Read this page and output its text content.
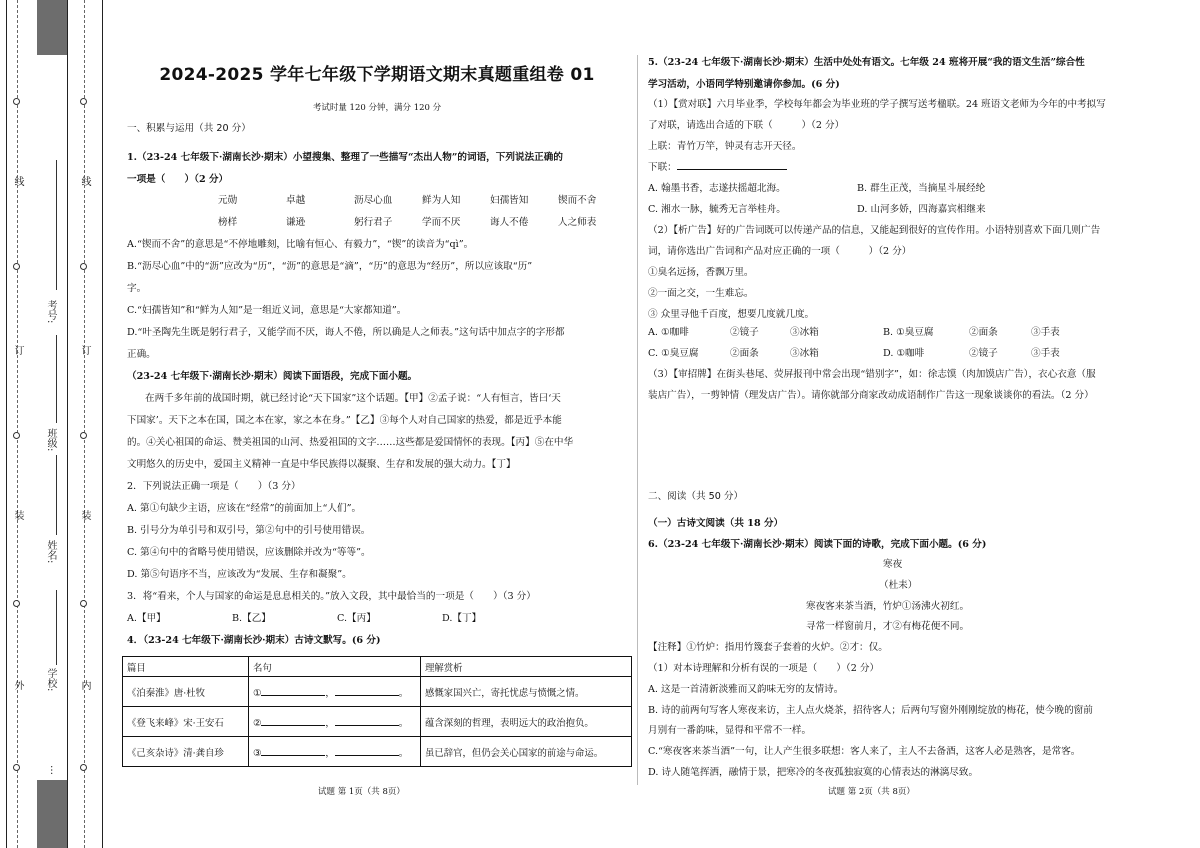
线
订
装
外
线
订
装
内
考号:
班级:
姓名:
学校:
…
2024-2025 学年七年级下学期语文期末真题重组卷 01
考试时量 120 分钟，满分 120 分
一、积累与运用（共 20 分）
1.（23-24 七年级下·湖南长沙·期末）小望搜集、整理了一些描写“杰出人物”的词语，下列说法正确的
一项是（　　）（2 分）
元勋	卓越	沥尽心血	鲜为人知	妇孺皆知	锲而不舍
榜样	谦逊	躬行君子	学而不厌	诲人不倦	人之师表
A.“锲而不舍”的意思是“不停地雕刻，比喻有恒心、有毅力”，“锲”的读音为“qì”。
B.“沥尽心血”中的“沥”应改为“历”，“沥”的意思是“滴”，“历”的意思为“经历”，所以应该取“历”
字。
C.“妇孺皆知”和“鲜为人知”是一组近义词，意思是“大家都知道”。
D.“叶圣陶先生既是躬行君子，又能学而不厌，诲人不倦，所以确是人之师表。”这句话中加点字的字形都
正确。
（23-24 七年级下·湖南长沙·期末）阅读下面语段，完成下面小题。
在两千多年前的战国时期，就已经讨论“天下国家”这个话题。【甲】②孟子说：“人有恒言，皆曰‘天
下国家’。天下之本在国，国之本在家，家之本在身。”【乙】③每个人对自己国家的热爱，都是近乎本能
的。④关心祖国的命运、赞美祖国的山河、热爱祖国的文字……这些都是爱国情怀的表现。【丙】⑤在中华
文明悠久的历史中，爱国主义精神一直是中华民族得以凝聚、生存和发展的强大动力。【丁】
2．下列说法正确一项是（　　）（3 分）
A. 第①句缺少主语，应该在“经常”的前面加上“人们”。
B. 引号分为单引号和双引号，第②句中的引号使用错误。
C. 第④句中的省略号使用错误，应该删除并改为“等等”。
D. 第⑤句语序不当，应该改为“发展、生存和凝聚”。
3．将“看来，个人与国家的命运是息息相关的。”放入文段，其中最恰当的一项是（　　）（3 分）
A.【甲】	B.【乙】	C.【丙】	D.【丁】
4．（23-24 七年级下·湖南长沙·期末）古诗文默写。(6 分)
篇目	名句	理解赏析
《泊秦淮》唐·杜牧	① ， 。	感慨家国兴亡，寄托忧虑与愤慨之情。
《登飞来峰》宋·王安石	② ， 。	蕴含深刻的哲理，表明远大的政治抱负。
《己亥杂诗》清·龚自珍	③ ， 。	虽已辞官，但仍会关心国家的前途与命运。
试题 第 1页（共 8页）
5.（23-24 七年级下·湖南长沙·期末）生活中处处有语文。七年级 24 班将开展“我的语文生活”综合性
学习活动，小语同学特别邀请你参加。(6 分)
（1）【赏对联】六月毕业季，学校每年都会为毕业班的学子撰写送考楹联。24 班语文老师为今年的中考拟写
了对联，请选出合适的下联（　　　）（2 分）
上联：青竹万竿，钟灵有志开天径。
下联：
A. 翰墨书香，志遂扶摇超北海。	B. 群生正茂，当摘星斗展经纶
C. 湘水一脉，毓秀无言举桂舟。	D. 山河多娇，四海嘉宾相继来
（2）【析广告】好的广告词既可以传递产品的信息，又能起到很好的宣传作用。小语特别喜欢下面几则广告
词，请你选出广告词和产品对应正确的一项（　　　）（2 分）
①臭名远扬，香飘万里。
②一面之交，一生难忘。
③ 众里寻他千百度，想要几度就几度。
A. ①咖啡	②镜子	③冰箱	B. ①臭豆腐	②面条	③手表
C. ①臭豆腐	②面条	③冰箱	D. ①咖啡	②镜子	③手表
（3）【审招牌】在街头巷尾、荧屏报刊中常会出现“错别字”，如：徐志馍（肉加馍店广告），衣心衣意（服
装店广告），一剪钟情（理发店广告）。请你就部分商家改动成语制作广告这一现象谈谈你的看法。（2 分）
二、阅读（共 50 分）
（一）古诗文阅读（共 18 分）
6.（23-24 七年级下·湖南长沙·期末）阅读下面的诗歌，完成下面小题。(6 分)
寒夜
（杜耒）
寒夜客来茶当酒，竹炉①汤沸火初红。
寻常一样窗前月，才②有梅花便不同。
【注释】①竹炉：指用竹篾套子套着的火炉。②才：仅。
（1）对本诗理解和分析有误的一项是（　　）（2 分）
A. 这是一首清新淡雅而又韵味无穷的友情诗。
B. 诗的前两句写客人寒夜来访，主人点火烧茶，招待客人；后两句写窗外刚刚绽放的梅花，使今晚的窗前
月别有一番韵味，显得和平常不一样。
C.“寒夜客来茶当酒”一句，让人产生很多联想：客人来了，主人不去备酒，这客人必是熟客，是常客。
D. 诗人随笔挥洒，融情于景，把寒冷的冬夜孤独寂寞的心情表达的淋漓尽致。
试题 第 2页（共 8页）
